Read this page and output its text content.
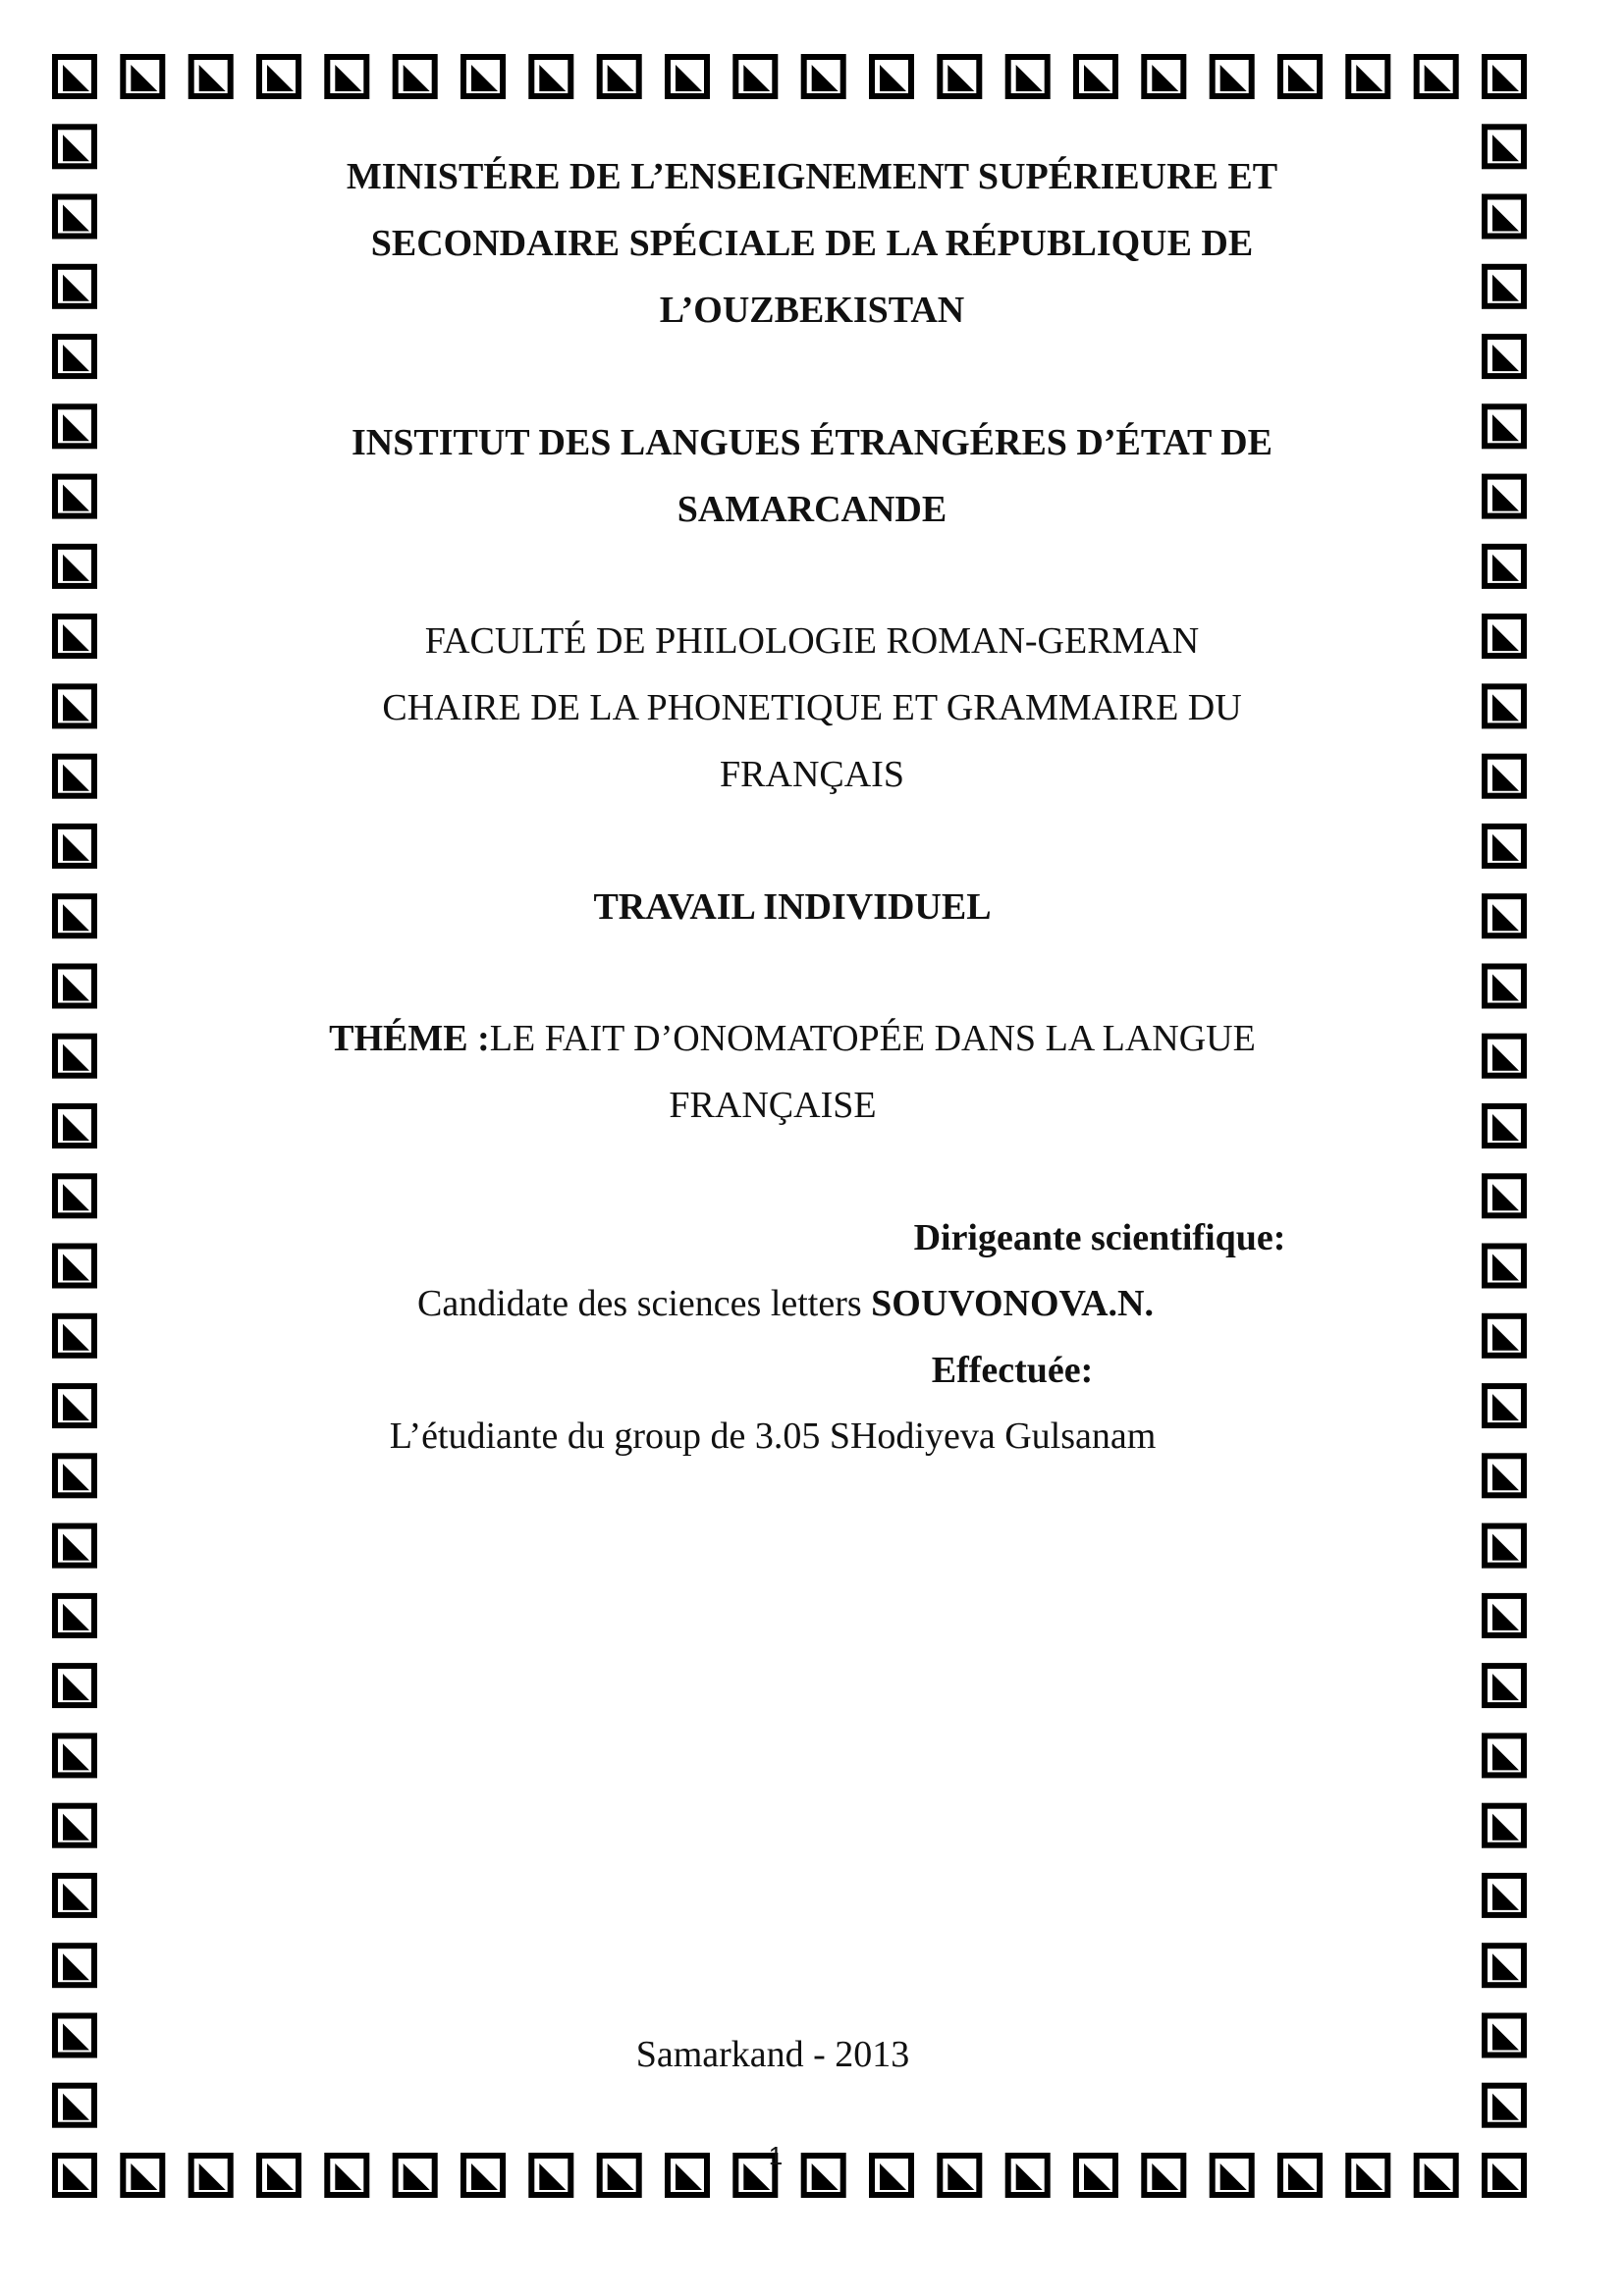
MINISTÉRE DE L’ENSEIGNEMENT SUPÉRIEURE ET
SECONDAIRE SPÉCIALE DE LA RÉPUBLIQUE DE
L’OUZBEKISTAN
INSTITUT DES LANGUES ÉTRANGÉRES D’ÉTAT DE
SAMARCANDE
FACULTÉ DE PHILOLOGIE ROMAN-GERMAN
CHAIRE DE LA PHONETIQUE ET GRAMMAIRE DU
FRANÇAIS
TRAVAIL INDIVIDUEL
THÉME :LE FAIT D’ONOMATOPÉE DANS LA LANGUE
FRANÇAISE
Dirigeante scientifique:
Candidate des sciences letters SOUVONOVA.N.
Effectuée:
L’étudiante du group de 3.05 SHodiyeva Gulsanam
Samarkand - 2013
1
